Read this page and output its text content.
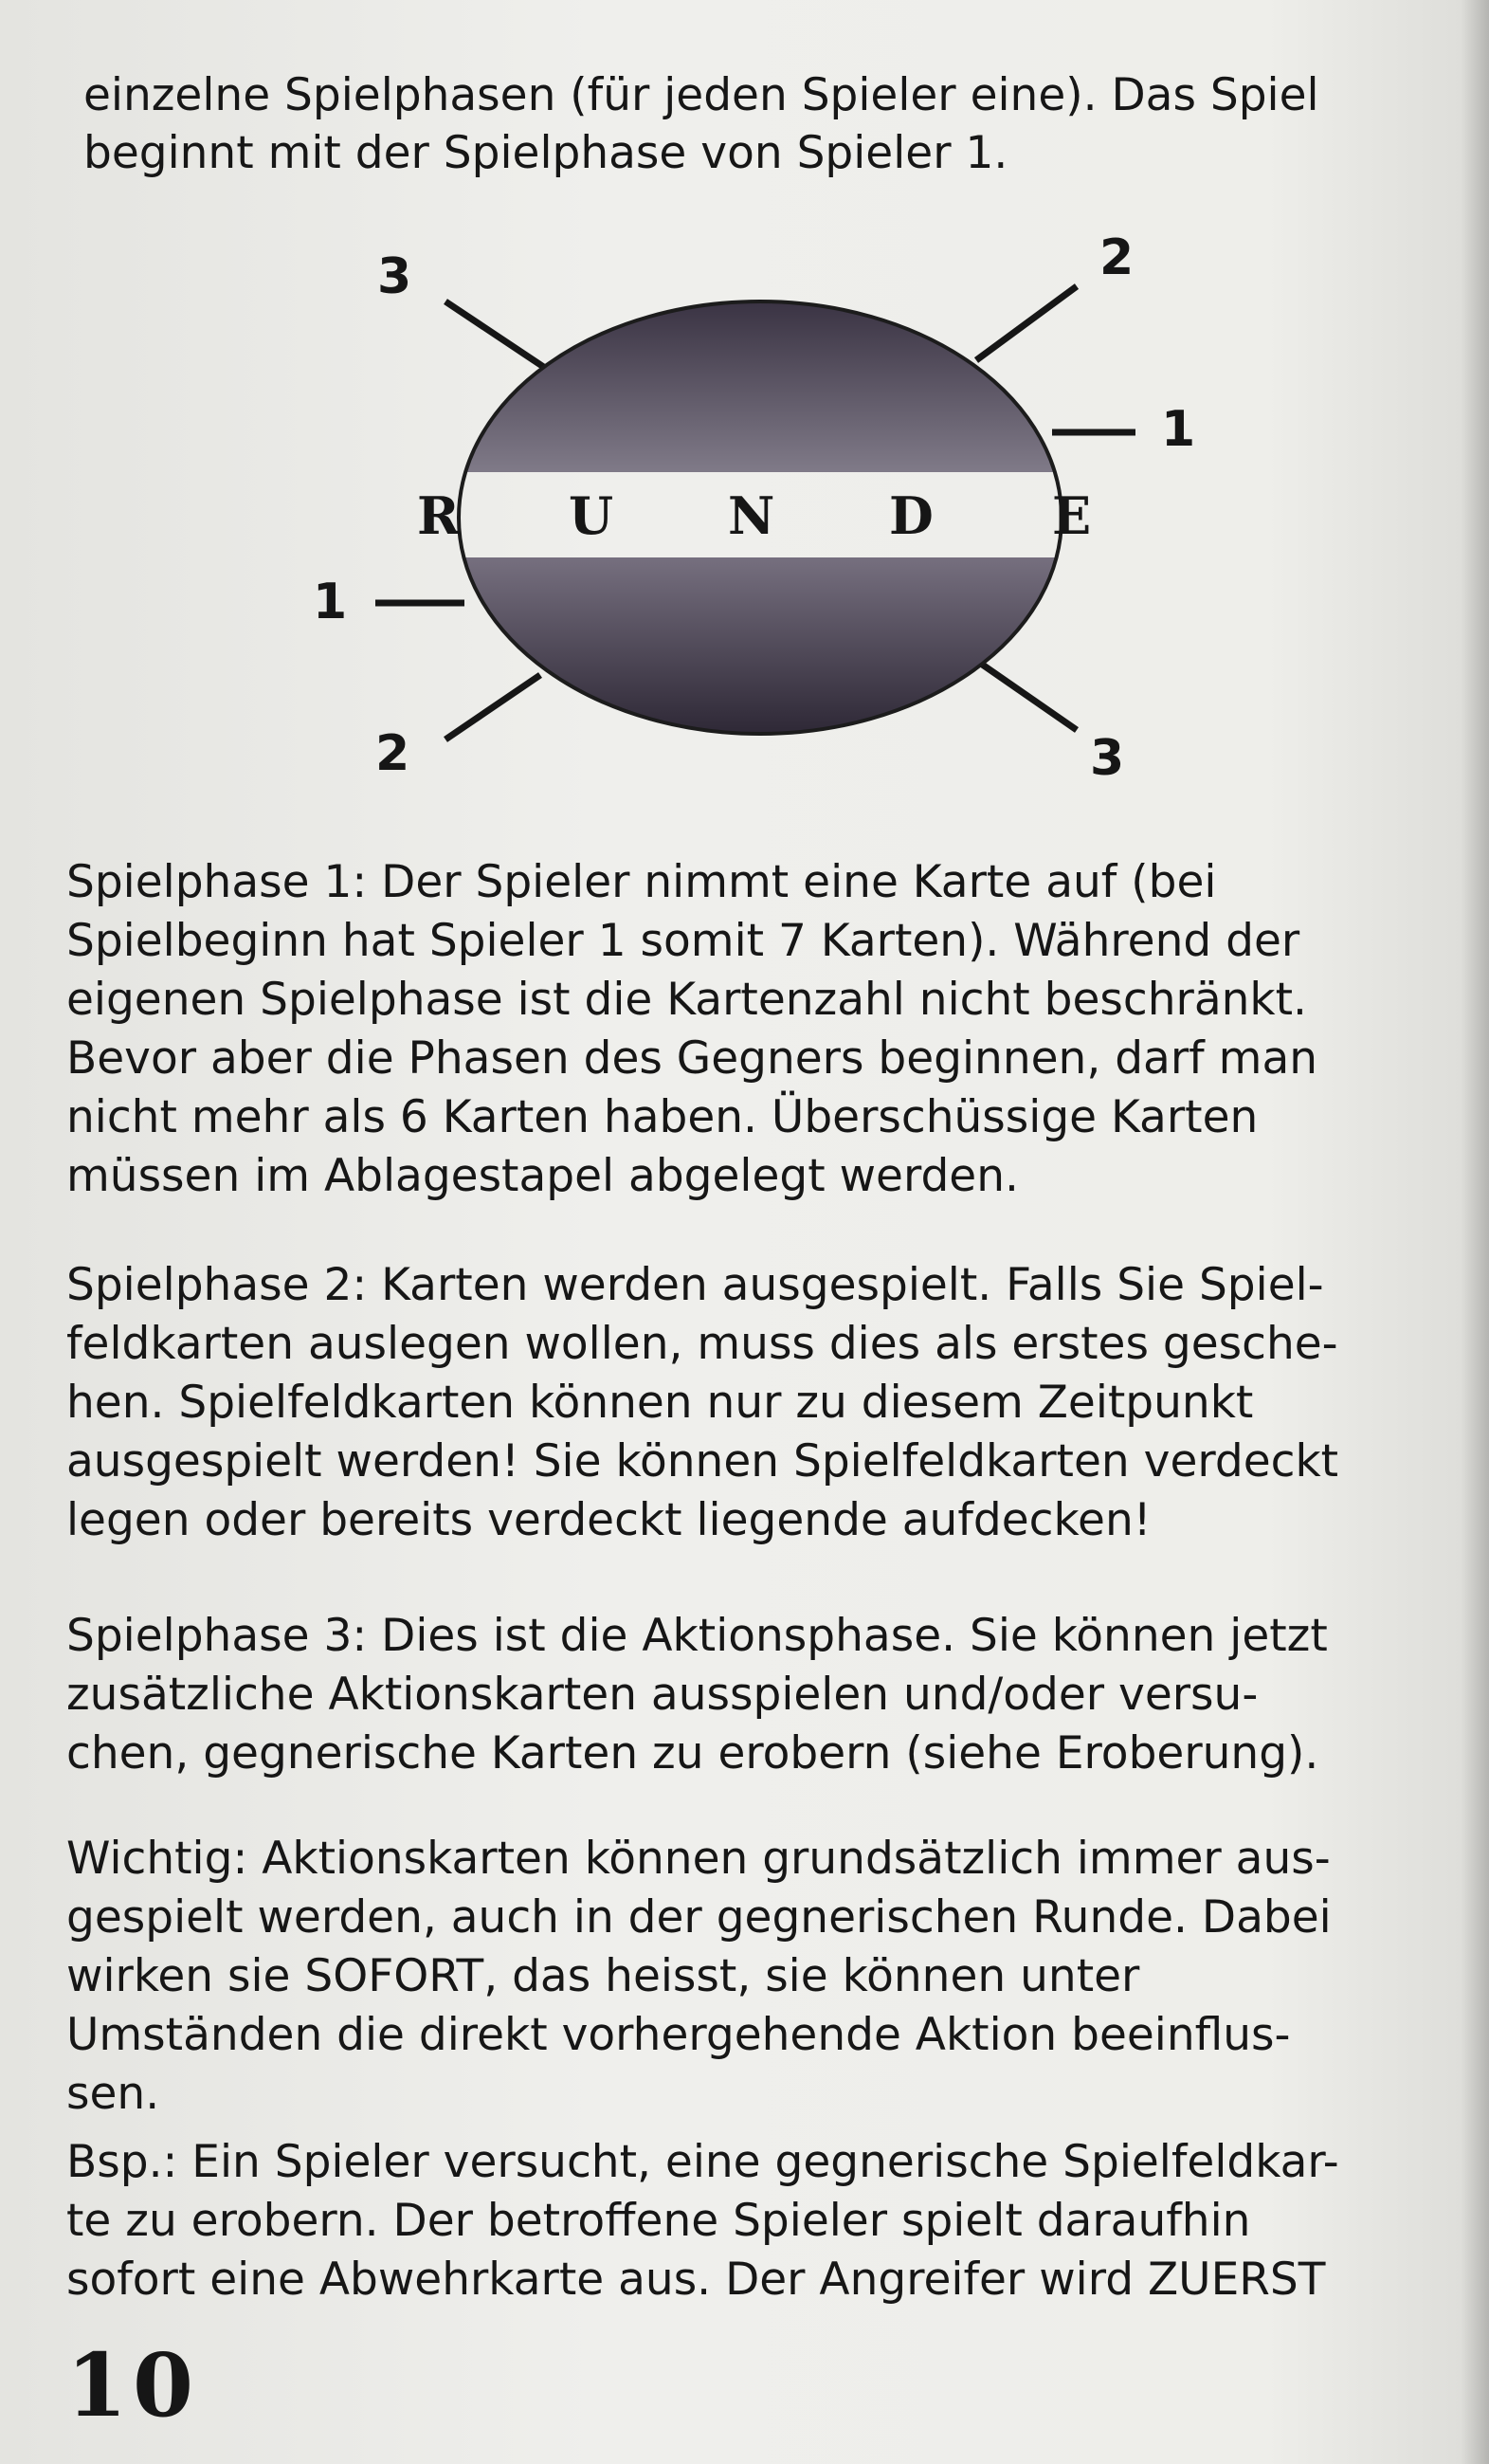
einzelne Spielphasen (für jeden Spieler eine). Das Spiel
beginnt mit der Spielphase von Spieler 1.
R U N D E
3	2
1
1
2	3
Spielphase 1: Der Spieler nimmt eine Karte auf (bei
Spielbeginn hat Spieler 1 somit 7 Karten). Während der
eigenen Spielphase ist die Kartenzahl nicht beschränkt.
Bevor aber die Phasen des Gegners beginnen, darf man
nicht mehr als 6 Karten haben. Überschüssige Karten
müssen im Ablagestapel abgelegt werden.
Spielphase 2: Karten werden ausgespielt. Falls Sie Spiel-
feldkarten auslegen wollen, muss dies als erstes gesche-
hen. Spielfeldkarten können nur zu diesem Zeitpunkt
ausgespielt werden! Sie können Spielfeldkarten verdeckt
legen oder bereits verdeckt liegende aufdecken!
Spielphase 3: Dies ist die Aktionsphase. Sie können jetzt
zusätzliche Aktionskarten ausspielen und/oder versu-
chen, gegnerische Karten zu erobern (siehe Eroberung).
Wichtig: Aktionskarten können grundsätzlich immer aus-
gespielt werden, auch in der gegnerischen Runde. Dabei
wirken sie SOFORT, das heisst, sie können unter
Umständen die direkt vorhergehende Aktion beeinflus-
sen.
Bsp.: Ein Spieler versucht, eine gegnerische Spielfeldkar-
te zu erobern. Der betroffene Spieler spielt daraufhin
sofort eine Abwehrkarte aus. Der Angreifer wird ZUERST
10
